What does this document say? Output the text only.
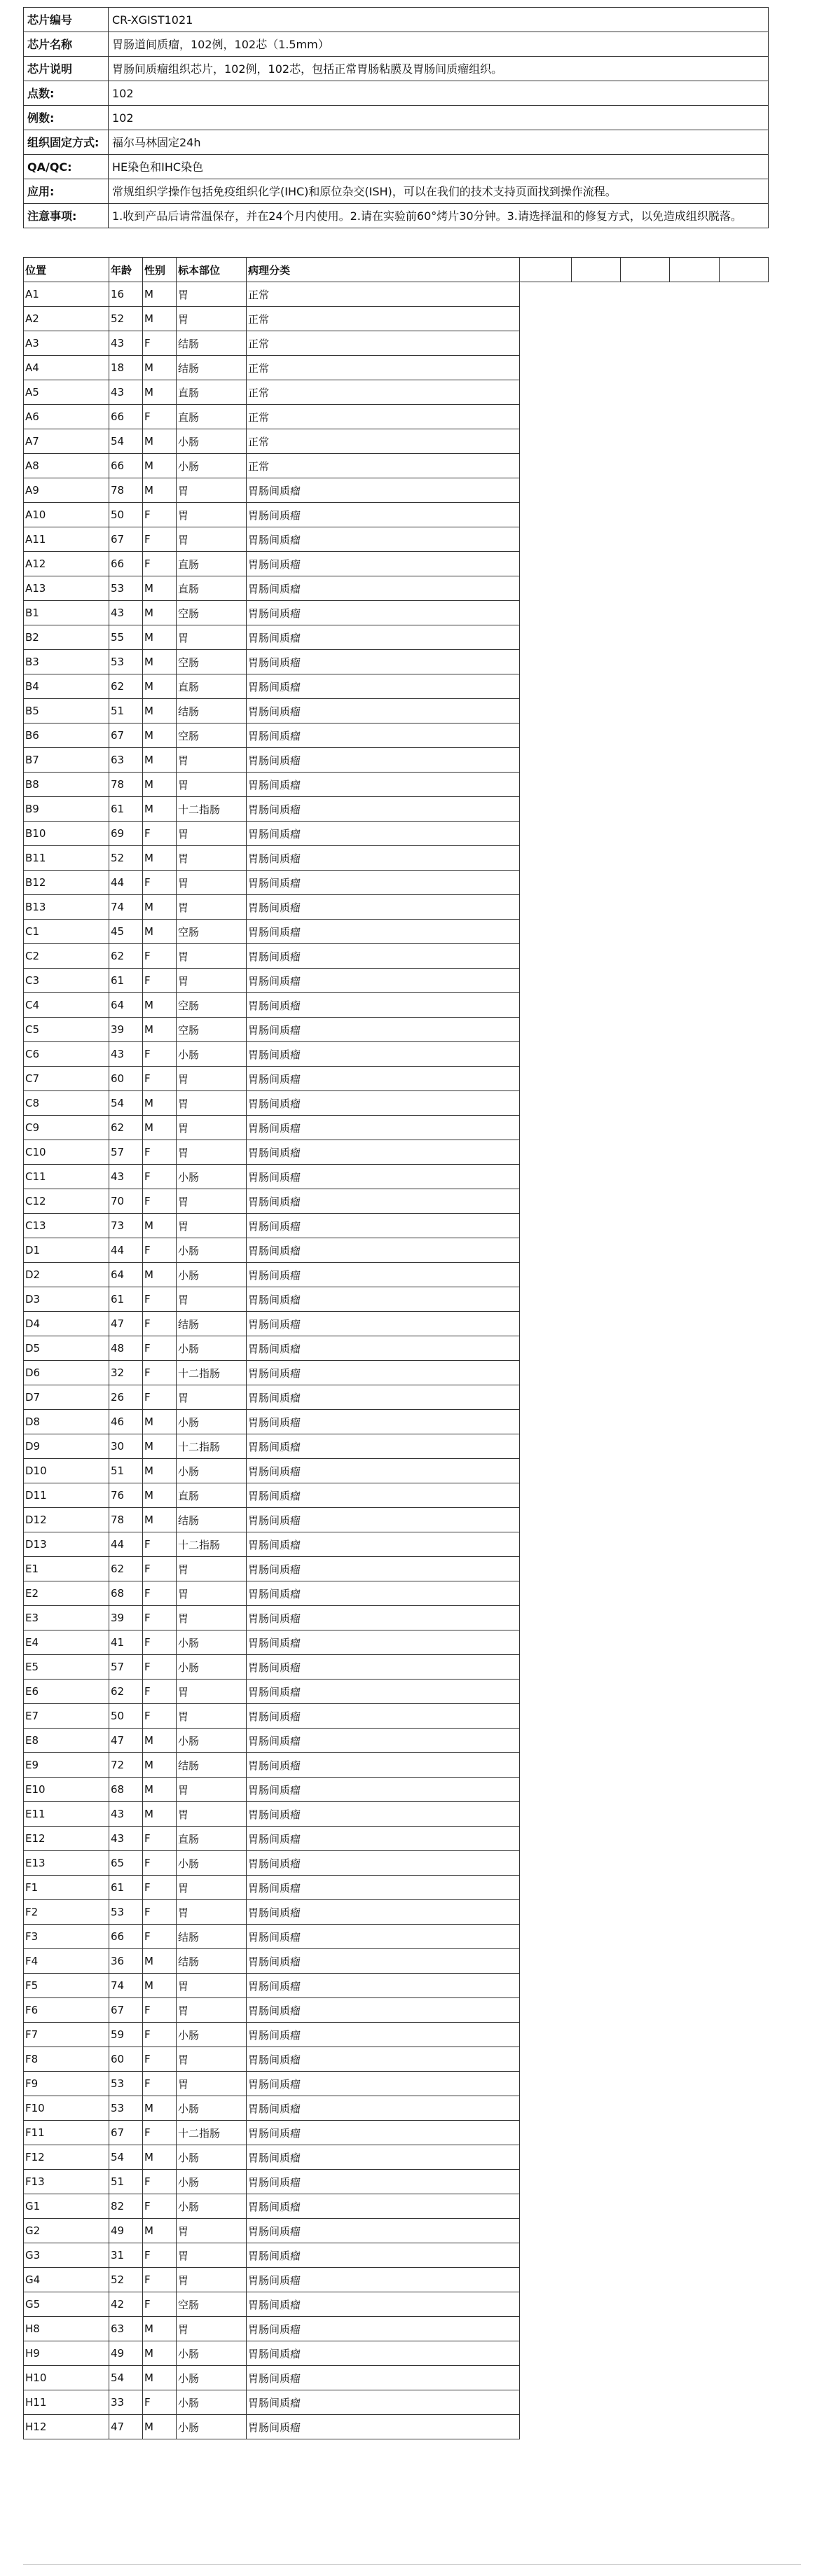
芯片编号	CR-XGIST1021
芯片名称	胃肠道间质瘤，102例，102芯（1.5mm）
芯片说明	胃肠间质瘤组织芯片，102例，102芯，包括正常胃肠粘膜及胃肠间质瘤组织。
点数:	102
例数:	102
组织固定方式:	福尔马林固定24h
QA/QC:	HE染色和IHC染色
应用:	常规组织学操作包括免疫组织化学(IHC)和原位杂交(ISH)，可以在我们的技术支持页面找到操作流程。
注意事项:	1.收到产品后请常温保存，并在24个月内使用。2.请在实验前60°烤片30分钟。3.请选择温和的修复方式，以免造成组织脱落。
位置	年龄	性别	标本部位	病理分类
A1	16	M	胃	正常
A2	52	M	胃	正常
A3	43	F	结肠	正常
A4	18	M	结肠	正常
A5	43	M	直肠	正常
A6	66	F	直肠	正常
A7	54	M	小肠	正常
A8	66	M	小肠	正常
A9	78	M	胃	胃肠间质瘤
A10	50	F	胃	胃肠间质瘤
A11	67	F	胃	胃肠间质瘤
A12	66	F	直肠	胃肠间质瘤
A13	53	M	直肠	胃肠间质瘤
B1	43	M	空肠	胃肠间质瘤
B2	55	M	胃	胃肠间质瘤
B3	53	M	空肠	胃肠间质瘤
B4	62	M	直肠	胃肠间质瘤
B5	51	M	结肠	胃肠间质瘤
B6	67	M	空肠	胃肠间质瘤
B7	63	M	胃	胃肠间质瘤
B8	78	M	胃	胃肠间质瘤
B9	61	M	十二指肠	胃肠间质瘤
B10	69	F	胃	胃肠间质瘤
B11	52	M	胃	胃肠间质瘤
B12	44	F	胃	胃肠间质瘤
B13	74	M	胃	胃肠间质瘤
C1	45	M	空肠	胃肠间质瘤
C2	62	F	胃	胃肠间质瘤
C3	61	F	胃	胃肠间质瘤
C4	64	M	空肠	胃肠间质瘤
C5	39	M	空肠	胃肠间质瘤
C6	43	F	小肠	胃肠间质瘤
C7	60	F	胃	胃肠间质瘤
C8	54	M	胃	胃肠间质瘤
C9	62	M	胃	胃肠间质瘤
C10	57	F	胃	胃肠间质瘤
C11	43	F	小肠	胃肠间质瘤
C12	70	F	胃	胃肠间质瘤
C13	73	M	胃	胃肠间质瘤
D1	44	F	小肠	胃肠间质瘤
D2	64	M	小肠	胃肠间质瘤
D3	61	F	胃	胃肠间质瘤
D4	47	F	结肠	胃肠间质瘤
D5	48	F	小肠	胃肠间质瘤
D6	32	F	十二指肠	胃肠间质瘤
D7	26	F	胃	胃肠间质瘤
D8	46	M	小肠	胃肠间质瘤
D9	30	M	十二指肠	胃肠间质瘤
D10	51	M	小肠	胃肠间质瘤
D11	76	M	直肠	胃肠间质瘤
D12	78	M	结肠	胃肠间质瘤
D13	44	F	十二指肠	胃肠间质瘤
E1	62	F	胃	胃肠间质瘤
E2	68	F	胃	胃肠间质瘤
E3	39	F	胃	胃肠间质瘤
E4	41	F	小肠	胃肠间质瘤
E5	57	F	小肠	胃肠间质瘤
E6	62	F	胃	胃肠间质瘤
E7	50	F	胃	胃肠间质瘤
E8	47	M	小肠	胃肠间质瘤
E9	72	M	结肠	胃肠间质瘤
E10	68	M	胃	胃肠间质瘤
E11	43	M	胃	胃肠间质瘤
E12	43	F	直肠	胃肠间质瘤
E13	65	F	小肠	胃肠间质瘤
F1	61	F	胃	胃肠间质瘤
F2	53	F	胃	胃肠间质瘤
F3	66	F	结肠	胃肠间质瘤
F4	36	M	结肠	胃肠间质瘤
F5	74	M	胃	胃肠间质瘤
F6	67	F	胃	胃肠间质瘤
F7	59	F	小肠	胃肠间质瘤
F8	60	F	胃	胃肠间质瘤
F9	53	F	胃	胃肠间质瘤
F10	53	M	小肠	胃肠间质瘤
F11	67	F	十二指肠	胃肠间质瘤
F12	54	M	小肠	胃肠间质瘤
F13	51	F	小肠	胃肠间质瘤
G1	82	F	小肠	胃肠间质瘤
G2	49	M	胃	胃肠间质瘤
G3	31	F	胃	胃肠间质瘤
G4	52	F	胃	胃肠间质瘤
G5	42	F	空肠	胃肠间质瘤
H8	63	M	胃	胃肠间质瘤
H9	49	M	小肠	胃肠间质瘤
H10	54	M	小肠	胃肠间质瘤
H11	33	F	小肠	胃肠间质瘤
H12	47	M	小肠	胃肠间质瘤
